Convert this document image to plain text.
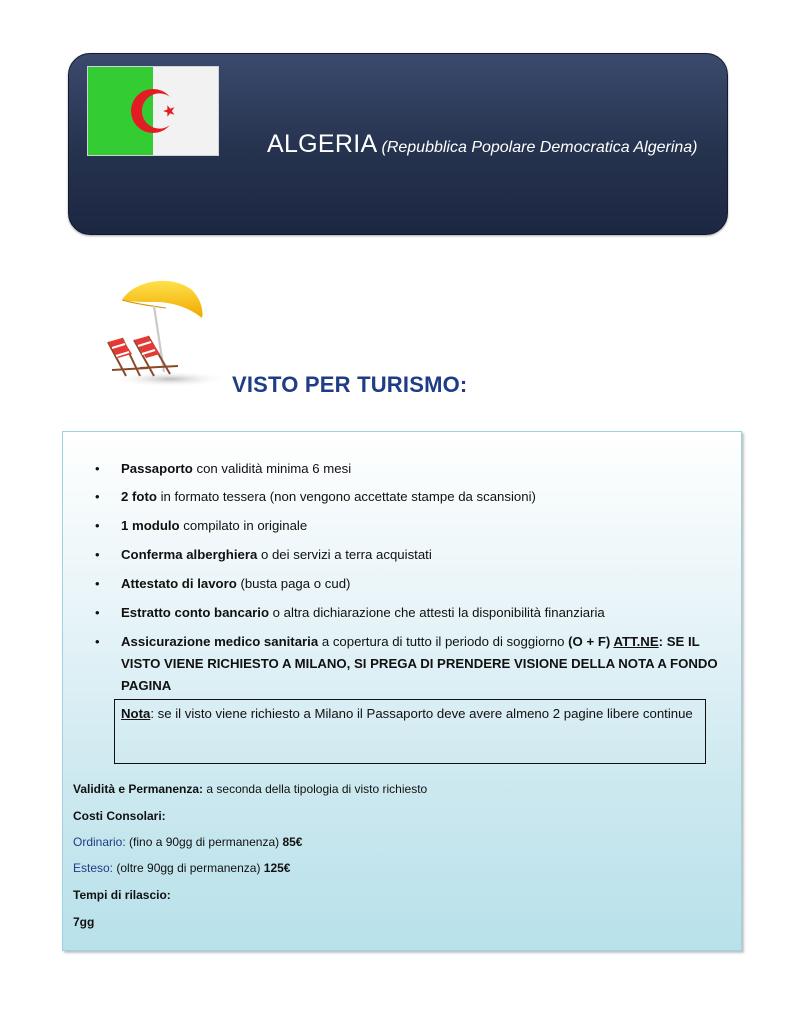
ALGERIA (Repubblica Popolare Democratica Algerina)
VISTO PER TURISMO:
• Passaporto con validità minima 6 mesi
• 2 foto in formato tessera (non vengono accettate stampe da scansioni)
• 1 modulo compilato in originale
• Conferma alberghiera o dei servizi a terra acquistati
• Attestato di lavoro (busta paga o cud)
• Estratto conto bancario o altra dichiarazione che attesti la disponibilità finanziaria
• Assicurazione medico sanitaria a copertura di tutto il periodo di soggiorno (O + F) ATT.NE: SE IL VISTO VIENE RICHIESTO A MILANO, SI PREGA DI PRENDERE VISIONE DELLA NOTA A FONDO PAGINA
Nota: se il visto viene richiesto a Milano il Passaporto deve avere almeno 2 pagine libere continue
Validità e Permanenza: a seconda della tipologia di visto richiesto
Costi Consolari:
Ordinario: (fino a 90gg di permanenza) 85€
Esteso: (oltre 90gg di permanenza) 125€
Tempi di rilascio:
7gg
